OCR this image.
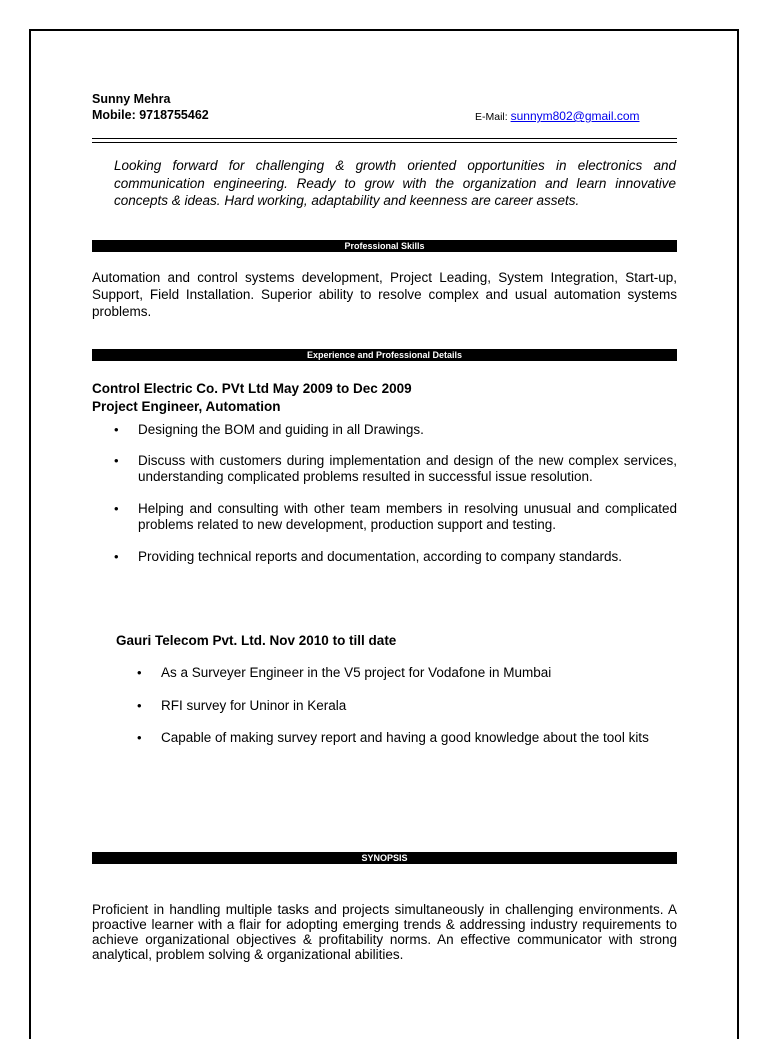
Sunny Mehra
Mobile: 9718755462	E-Mail: sunnym802@gmail.com
Looking forward for challenging & growth oriented opportunities in electronics and communication engineering. Ready to grow with the organization and learn innovative concepts & ideas. Hard working, adaptability and keenness are career assets.
Professional Skills
Automation and control systems development, Project Leading, System Integration, Start-up, Support, Field Installation. Superior ability to resolve complex and usual automation systems problems.
Experience and Professional Details
Control Electric Co. PVt Ltd May 2009 to Dec 2009
Project Engineer, Automation
• Designing the BOM and guiding in all Drawings.
• Discuss with customers during implementation and design of the new complex services, understanding complicated problems resulted in successful issue resolution.
• Helping and consulting with other team members in resolving unusual and complicated problems related to new development, production support and testing.
• Providing technical reports and documentation, according to company standards.
Gauri Telecom Pvt. Ltd. Nov 2010 to till date
• As a Surveyer Engineer in the V5 project for Vodafone in Mumbai
• RFI survey for Uninor in Kerala
• Capable of making survey report and having a good knowledge about the tool kits
SYNOPSIS
Proficient in handling multiple tasks and projects simultaneously in challenging environments. A proactive learner with a flair for adopting emerging trends & addressing industry requirements to achieve organizational objectives & profitability norms. An effective communicator with strong analytical, problem solving & organizational abilities.
